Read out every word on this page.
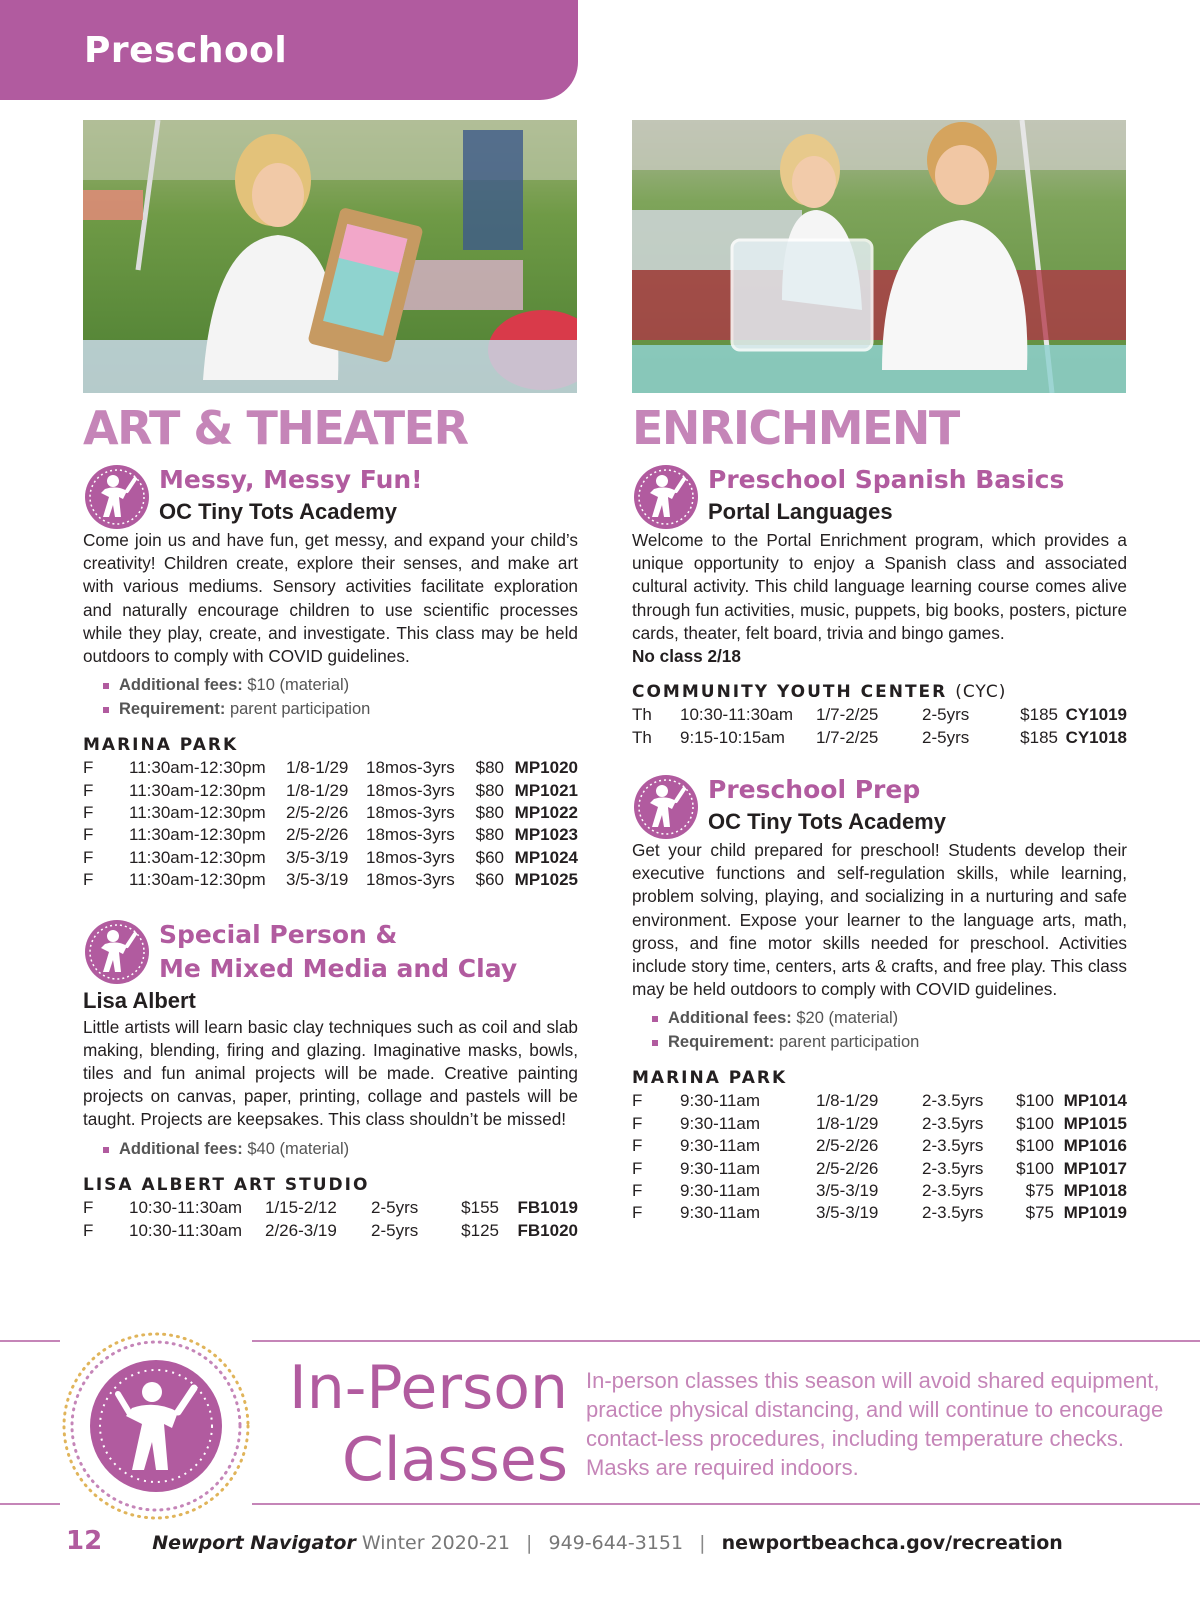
Preschool
ART & THEATER
Messy, Messy Fun!
OC Tiny Tots Academy

Come join us and have fun, get messy, and expand your child’s creativity! Children create, explore their senses, and make art with various mediums. Sensory activities facilitate exploration and naturally encourage children to use scientific processes while they play, create, and investigate. This class may be held outdoors to comply with COVID guidelines.

Additional fees: $10 (material)
Requirement: parent participation
MARINA PARK
F	11:30am-12:30pm	1/8-1/29	18mos-3yrs	$80	MP1020
F	11:30am-12:30pm	1/8-1/29	18mos-3yrs	$80	MP1021
F	11:30am-12:30pm	2/5-2/26	18mos-3yrs	$80	MP1022
F	11:30am-12:30pm	2/5-2/26	18mos-3yrs	$80	MP1023
F	11:30am-12:30pm	3/5-3/19	18mos-3yrs	$60	MP1024
F	11:30am-12:30pm	3/5-3/19	18mos-3yrs	$60	MP1025
Special Person &
Me Mixed Media and Clay
Lisa Albert

Little artists will learn basic clay techniques such as coil and slab making, blending, firing and glazing. Imaginative masks, bowls, tiles and fun animal projects will be made. Creative painting projects on canvas, paper, printing, collage and pastels will be taught. Projects are keepsakes. This class shouldn’t be missed!

Additional fees: $40 (material)
LISA ALBERT ART STUDIO
F	10:30-11:30am	1/15-2/12	2-5yrs	$155	FB1019
F	10:30-11:30am	2/26-3/19	2-5yrs	$125	FB1020
ENRICHMENT
Preschool Spanish Basics
Portal Languages

Welcome to the Portal Enrichment program, which provides a unique opportunity to enjoy a Spanish class and associated cultural activity. This child language learning course comes alive through fun activities, music, puppets, big books, posters, picture cards, theater, felt board, trivia and bingo games.

No class 2/18

COMMUNITY YOUTH CENTER (CYC)
Th	10:30-11:30am	1/7-2/25	2-5yrs	$185	CY1019
Th	9:15-10:15am	1/7-2/25	2-5yrs	$185	CY1018
Preschool Prep
OC Tiny Tots Academy

Get your child prepared for preschool! Students develop their executive functions and self-regulation skills, while learning, problem solving, playing, and socializing in a nurturing and safe environment. Expose your learner to the language arts, math, gross, and fine motor skills needed for preschool. Activities include story time, centers, arts & crafts, and free play. This class may be held outdoors to comply with COVID guidelines.

Additional fees: $20 (material)
Requirement: parent participation
MARINA PARK
F	9:30-11am	1/8-1/29	2-3.5yrs	$100	MP1014
F	9:30-11am	1/8-1/29	2-3.5yrs	$100	MP1015
F	9:30-11am	2/5-2/26	2-3.5yrs	$100	MP1016
F	9:30-11am	2/5-2/26	2-3.5yrs	$100	MP1017
F	9:30-11am	3/5-3/19	2-3.5yrs	$75	MP1018
F	9:30-11am	3/5-3/19	2-3.5yrs	$75	MP1019
In-Person
Classes

In-person classes this season will avoid shared equipment, practice physical distancing, and will continue to encourage contact-less procedures, including temperature checks. Masks are required indoors.

12	Newport Navigator Winter 2020-21 | 949-644-3151 | newportbeachca.gov/recreation
